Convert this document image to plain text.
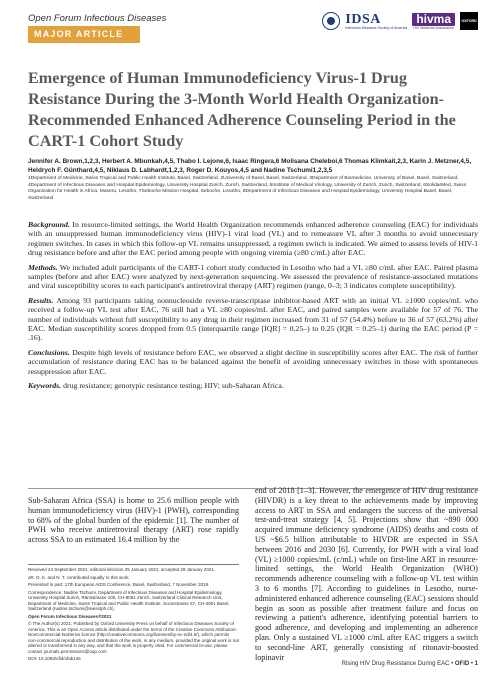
Open Forum Infectious Diseases
MAJOR ARTICLE
IDSA
Infectious Diseases Society of America
hivma
HIV Medicine Association
OXFORD
Emergence of Human Immunodeficiency Virus-1 Drug Resistance During the 3-Month World Health Organization-Recommended Enhanced Adherence Counseling Period in the CART-1 Cohort Study
Jennifer A. Brown,1,2,3, Herbert A. Mbunkah,4,5, Thabo I. Lejone,6, Isaac Ringera,6 Molisana Cheleboi,6 Thomas Klimkait,2,3, Karin J. Metzner,4,5, Heldrych F. Günthard,4,5, Niklaus D. Labhardt,1,2,3, Roger D. Kouyos,4,5 and Nadine Tschumi1,2,3,5
1Department of Medicine, Swiss Tropical and Public Health Institute, Basel, Switzerland, 2University of Basel, Basel, Switzerland, 3Department of Biomedicine, University of Basel, Basel, Switzerland, 4Department of Infectious Diseases and Hospital Epidemiology, University Hospital Zurich, Zurich, Switzerland, 5Institute of Medical Virology, University of Zurich, Zurich, Switzerland, 6SolidarMed, Swiss Organization for Health in Africa, Maseru, Lesotho, 7Seboche Mission Hospital, Seboche, Lesotho, 8Department of Infectious Diseases and Hospital Epidemiology, University Hospital Basel, Basel, Switzerland

Background. In resource-limited settings, the World Health Organization recommends enhanced adherence counseling (EAC) for individuals with an unsuppressed human immunodeficiency virus (HIV)-1 viral load (VL) and to remeasure VL after 3 months to avoid unnecessary regimen switches. In cases in which this follow-up VL remains unsuppressed, a regimen switch is indicated. We aimed to assess levels of HIV-1 drug resistance before and after the EAC period among people with ongoing viremia (≥80 c/mL) after EAC.

Methods. We included adult participants of the CART-1 cohort study conducted in Lesotho who had a VL ≥80 c/mL after EAC. Paired plasma samples (before and after EAC) were analyzed by next-generation sequencing. We assessed the prevalence of resistance-associated mutations and viral susceptibility scores to each participant's antiretroviral therapy (ART) regimen (range, 0–3; 3 indicates complete susceptibility).

Results. Among 93 participants taking nonnucleoside reverse-transcriptase inhibitor-based ART with an initial VL ≥1000 copies/mL who received a follow-up VL test after EAC, 76 still had a VL ≥80 copies/mL after EAC, and paired samples were available for 57 of 76. The number of individuals without full susceptibility to any drug in their regimen increased from 31 of 57 (54.4%) before to 36 of 57 (63.2%) after EAC. Median susceptibility scores dropped from 0.5 (interquartile range [IQR] = 0.25–) to 0.25 (IQR = 0.25–1) during the EAC period (P = .16).

Conclusions. Despite high levels of resistance before EAC, we observed a slight decline in susceptibility scores after EAC. The risk of further accumulation of resistance during EAC has to be balanced against the benefit of avoiding unnecessary switches in those with spontaneous resuppression after EAC.

Keywords. drug resistance; genotypic resistance testing; HIV; sub-Saharan Africa.

Sub-Saharan Africa (SSA) is home to 25.6 million people with human immunodeficiency virus (HIV)-1 (PWH), corresponding to 68% of the global burden of the epidemic [1]. The number of PWH who receive antiretroviral therapy (ART) rose rapidly across SSA to an estimated 16.4 million by the
end of 2018 [1–3]. However, the emergence of HIV drug resistance (HIVDR) is a key threat to the achievements made by improving access to ART in SSA and endangers the success of the universal test-and-treat strategy [4, 5]. Projections show that ~890 000 acquired immune deficiency syndrome (AIDS) deaths and costs of US ~$6.5 billion attributable to HIVDR are expected in SSA between 2016 and 2030 [6]. Currently, for PWH with a viral load (VL) ≥1000 copies/mL (c/mL) while on first-line ART in resource-limited settings, the World Health Organization (WHO) recommends adherence counseling with a follow-up VL test within 3 to 6 months [7]. According to guidelines in Lesotho, nurse-administered enhanced adherence counseling (EAC) sessions should begin as soon as possible after treatment failure and focus on reviewing a patient's adherence, identifying potential barriers to good adherence, and developing and implementing an adherence plan. Only a sustained VL ≥1000 c/mL after EAC triggers a switch to second-line ART, generally consisting of ritonavir-boosted lopinavir

Received 24 September 2021; editorial decision 25 January 2021; accepted 29 January 2021.

aR. D. K. and N. T. contributed equally to this work.

Presented in part: 17th European AIDS Conference, Basel, Switzerland, 7 November 2019.

Correspondence: Nadine Tschumi, Department of Infectious Diseases and Hospital Epidemiology, University Hospital Zurich, Rämistrasse 100, CH-8091 Zürich, Switzerland Clinical Research Unit, Department of Medicine, Swiss Tropical and Public Health Institute, Socinstrasse 57, CH-4051 Basel, Switzerland (nadine.tschumi@swisstph.ch).

Open Forum Infectious Diseases®2021

© The Author(s) 2021. Published by Oxford University Press on behalf of Infectious Diseases Society of America. This is an Open Access article distributed under the terms of the Creative Commons Attribution-NonCommercial-NoDerivs licence (http://creativecommons.org/licenses/by-nc-nd/4.0/), which permits non-commercial reproduction and distribution of the work, in any medium, provided the original work is not altered or transformed in any way, and that the work is properly cited. For commercial re-use, please contact journals.permissions@oup.com

DOI: 10.1093/ofid/ofab146

Rising HIV Drug Resistance During EAC • OFID • 1
